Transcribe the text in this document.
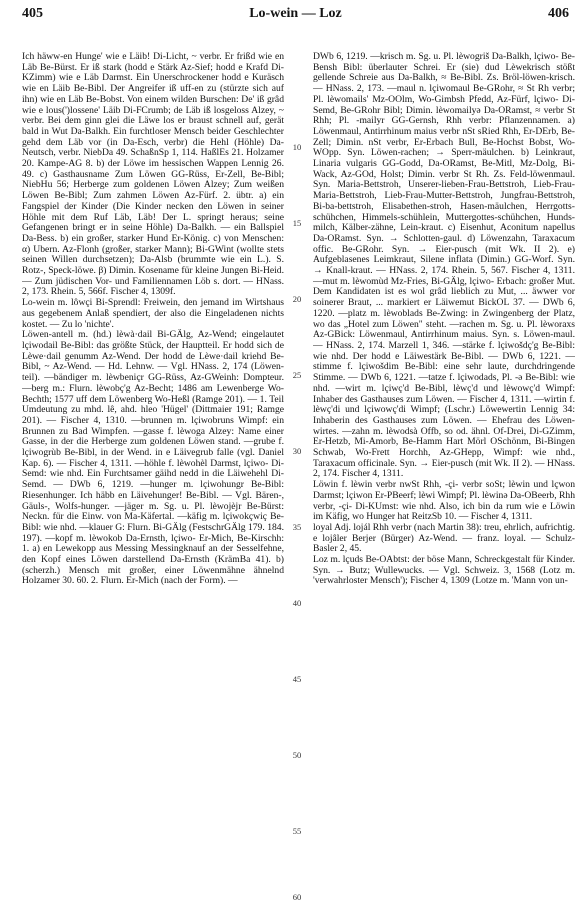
405	Lo-wein — Loz	406

Ich häww-en Hunge' wie e Läib! Di-Licht, ~ verbr. Er frißd wie en Läb Be-Bürst. Er iß stark (hodd e Stärk Az-Sief; hodd e Krafd Di-KZimm) wie e Läb Darmst. Ein Unerschrockener hodd e Kuräsch wie en Läib Be-Bibl. Der Angreifer iß uff-en zu (stürzte sich auf ihn) wie en Läb Be-Bobst. Von einem wilden Burschen: De' iß grâd wie e lous(')lossene' Läib Di-FCrumb; de Läb iß losgeloss Alzey, ~ verbr. Bei dem ginn glei die Läwe los er braust schnell auf, gerät bald in Wut Da-Balkh. Ein furchtloser Mensch beider Geschlechter gehd dem Läb vor (in Da-Esch, verbr) die Hehl (Höhle) Da-Neutsch, verbr. NiebDa 49. SchaßnSp 1, 114. HaßlEs 21. Holzamer 20. Kampe-AG 8. b) der Löwe im hessischen Wappen Lennig 26. 49. c) Gasthausname Zum Löwen GG-Rüss, Er-Zell, Be-Bibl; NiebHu 56; Herberge zum goldenen Löwen Alzey; Zum weißen Löwen Be-Bibl; Zum zahmen Löwen Az-Fürf. 2. übtr. a) ein Fangspiel der Kinder (Die Kinder necken den Löwen in seiner Höhle mit dem Ruf Läb, Läb! Der L. springt heraus; seine Gefangenen bringt er in seine Höhle) Da-Balkh. — ein Ballspiel Da-Bess. b) ein großer, starker Hund Er-König. c) von Menschen: α) Ubern. Az-Flonh (großer, starker Mann); Bi-GWint (wollte stets seinen Willen durchsetzen); Da-Alsb (brummte wie ein L.). S. Rotz-, Speck-löwe. β) Dimin. Kosename für kleine Jungen Bi-Heid. — Zum jüdischen Vor- und Familiennamen Löb s. dort. — HNass. 2, 173. Rhein. 5, 566f. Fischer 4, 1309f.

Lo-wein m. lôwçi Bi-Sprendl: Freiwein, den jemand im Wirtshaus aus gegebenem Anlaß spendiert, der also die Eingeladenen nichts kostet. — Zu lo 'nichte'.

Löwen-antell m. (hd.) lèwà·dail Bi-GÄlg, Az-Wend; eingelautet lçiwodail Be-Bibl: das größte Stück, der Hauptteil. Er hodd sich de Lèwe·dail genumm Az-Wend. Der hodd de Lèwe·dail kriehd Be-Bibl, ~ Az-Wend. — Hd. Lehnw. — Vgl. HNass. 2, 174 (Löwen-teil). —bändiger m. lèwbeniçr GG-Rüss, Az-GWeinh: Dompteur. —berg m.: Flurn. lèwobç'g Az-Becht; 1486 am Lewenberge Wo-Bechth; 1577 uff dem Löwenberg Wo-Heßl (Ramge 201). — 1. Teil Umdeutung zu mhd. lê, ahd. hleo 'Hügel' (Dittmaier 191; Ramge 201). — Fischer 4, 1310. —brunnen m. lçiwobruns Wimpf: ein Brunnen zu Bad Wimpfen. —gasse f. lèwoga Alzey: Name einer Gasse, in der die Herberge zum goldenen Löwen stand. —grube f. lçiwogrùb Be-Bibl, in der Wend. in e Läivegrub falle (vgl. Daniel Kap. 6). — Fischer 4, 1311. —höhle f. lèwohèl Darmst, lçiwo- Di-Semd: wie nhd. Ein Furchtsamer gäihd nedd in die Läiwehehl Di-Semd. — DWb 6, 1219. —hunger m. lçiwohungr Be-Bibl: Riesenhunger. Ich häbb en Läivehunger! Be-Bibl. — Vgl. Bären-, Gäuls-, Wolfs-hunger. —jäger m. Sg. u. Pl. lèwojèjr Be-Bürst: Neckn. für die Einw. von Ma-Käfertal. —käfig m. lçiwokçwiç Be-Bibl: wie nhd. —klauer G: Flurn. Bi-GÄlg (FestschrGÄlg 179. 184. 197). —kopf m. lèwokob Da-Ernsth, lçiwo- Er-Mich, Be-Kirschh: 1. a) en Lewekopp aus Messing Messingknauf an der Sesselfehne, den Kopf eines Löwen darstellend Da-Ernsth (KrämBa 41). b) (scherzh.) Mensch mit großer, einer Löwenmähne ähnelnd Holzamer 30. 60. 2. Flurn. Er-Mich (nach der Form). —

10
15
20
25
30
35
40
45
50
55
60

DWb 6, 1219. —krisch m. Sg. u. Pl. lèwogriš Da-Balkh, lçiwo- Be-Bensh Bibl: überlauter Schrei. Er (sie) dud Lèwekrisch stößt gellende Schreie aus Da-Balkh, ≈ Be-Bibl. Zs. Bröl-löwen-krisch. — HNass. 2, 173. —maul n. lçiwomaul Be-GRohr, ≈ St Rh verbr; Pl. lèwomails' Mz-OOlm, Wo-Gimbsh Pfedd, Az-Fürf, lçiwo- Di-Semd, Be-GRohr Bibl; Dimin. lèwomailyə Da-ORamst, ≈ verbr St Rhh; Pl. -mailyr GG-Gernsh, Rhh verbr: Pflanzennamen. a) Löwenmaul, Antirrhinum maius verbr nSt sRied Rhh, Er-DErb, Be-Zell; Dimin. nSt verbr, Er-Erbach Bull, Be-Hochst Bobst, Wo-WOpp. Syn. Löwen-rachen; → Sperr-mäulchen. b) Leinkraut, Linaria vulgaris GG-Godd, Da-ORamst, Be-Mitl, Mz-Dolg, Bi-Wack, Az-GOd, Holst; Dimin. verbr St Rh. Zs. Feld-löwenmaul. Syn. Maria-Bettstroh, Unserer-lieben-Frau-Bettstroh, Lieb-Frau-Maria-Bettstroh, Lieb-Frau-Mutter-Bettstroh, Jungfrau-Bettstroh, Bi-ba-bettstroh, Elisabethen-stroh, Hasen-mäulchen, Herrgotts-schühchen, Himmels-schühlein, Muttergottes-schühchen, Hunds-milch, Kälber-zähne, Lein-kraut. c) Eisenhut, Aconitum napellus Da-ORamst. Syn. → Schlotten-gaul. d) Löwenzahn, Taraxacum offic. Be-GRohr. Syn. → Eier-pusch (mit Wk. II 2). e) Aufgeblasenes Leimkraut, Silene inflata (Dimin.) GG-Worf. Syn. → Knall-kraut. — HNass. 2, 174. Rhein. 5, 567. Fischer 4, 1311. —mut m. lèwomùd Mz-Fries, Bi-GÄlg, lçiwo- Erbach: großer Mut. Dem Kandidaten ist es wol grâd lieblich zu Mut, ... äwwer vor soinerer Braut, ... markiert er Läiwemut BickOL 37. — DWb 6, 1220. —platz m. lèwoblads Be-Zwing: in Zwingenberg der Platz, wo das „Hotel zum Löwen" steht. —rachen m. Sg. u. Pl. lèworaxs Az-GBick: Löwenmaul, Antirrhinum maius. Syn. s. Löwen-maul. — HNass. 2, 174. Marzell 1, 346. —stärke f. lçiwošdç'g Be-Bibl: wie nhd. Der hodd e Läiwestärk Be-Bibl. — DWb 6, 1221. —stimme f. lçiwošdim Be-Bibl: eine sehr laute, durchdringende Stimme. — DWb 6, 1221. —tatze f. lçiwodads, Pl. -ə Be-Bibl: wie nhd. —wirt m. lçiwç'd Be-Bibl, lèwç'd und lèwowç'd Wimpf: Inhaber des Gasthauses zum Löwen. — Fischer 4, 1311. —wirtin f. lèwç'di und lçiwowç'di Wimpf; (Lschr.) Löwewertin Lennig 34: Inhaberin des Gasthauses zum Löwen. — Ehefrau des Löwen-wirtes. —zahn m. lèwodsà Offb, so od. ähnl. Of-Drei, Di-GZimm, Er-Hetzb, Mi-Amorb, Be-Hamm Hart Mörl OSchönm, Bi-Bingen Schwab, Wo-Frett Horchh, Az-GHepp, Wimpf: wie nhd., Taraxacum officinale. Syn. → Eier-pusch (mit Wk. II 2). — HNass. 2, 174. Fischer 4, 1311.

Löwin f. lèwin verbr nwSt Rhh, -çi- verbr soSt; lèwin und lçwon Darmst; lçiwon Er-PBeerf; lèwi Wimpf; Pl. lèwinə Da-OBeerb, Rhh verbr, -çi- Di-KUmst: wie nhd. Also, ich bin da rum wie e Löwin im Käfig, wo Hunger hat ReitzSb 10. — Fischer 4, 1311.

loyal Adj. lojál Rhh verbr (nach Martin 38): treu, ehrlich, aufrichtig. e lojâler Berjer (Bürger) Az-Wend. — franz. loyal. — Schulz-Basler 2, 45.

Loz m. lçuds Be-OAbtst: der böse Mann, Schreckgestalt für Kinder. Syn. → Butz; Wullewucks. — Vgl. Schweiz. 3, 1568 (Lotz m. 'verwahrloster Mensch'); Fischer 4, 1309 (Lotze m. 'Mann von un-
